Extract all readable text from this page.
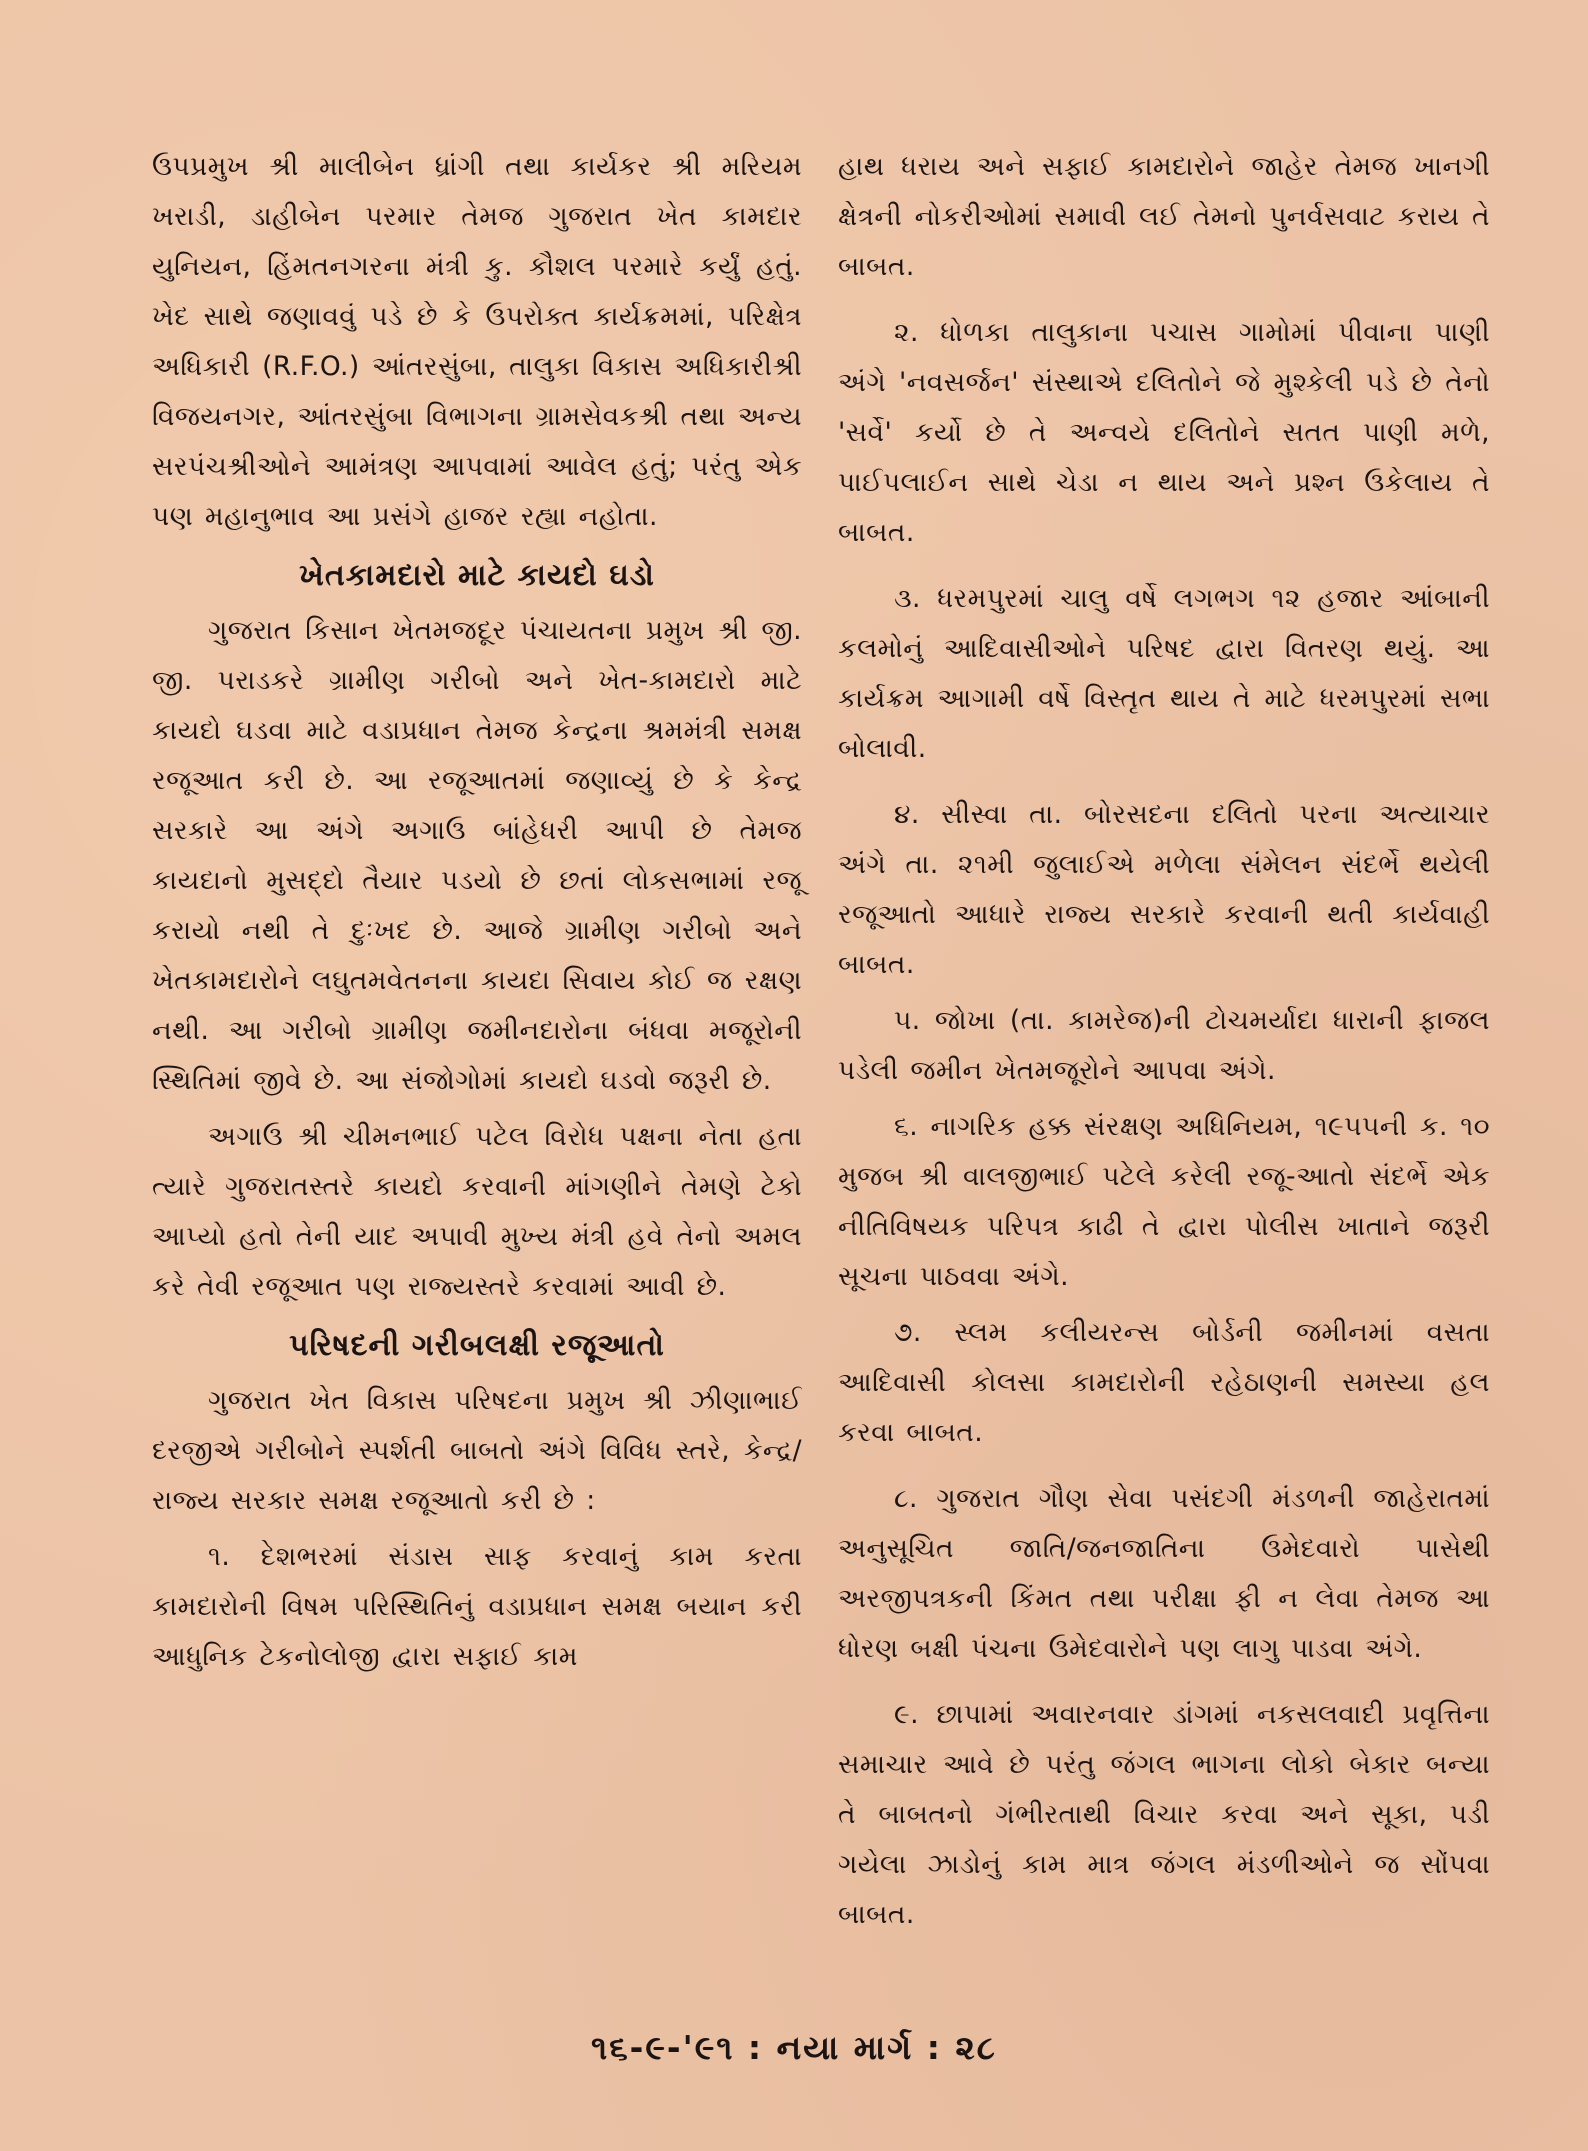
ઉપપ્રમુખ શ્રી માલીબેન ધ્રાંગી તથા કાર્યકર શ્રી મરિયમ ખરાડી, ડાહીબેન પરમાર તેમજ ગુજરાત ખેત કામદાર યુનિયન, હિંમતનગરના મંત્રી કુ. કૌશલ પરમારે કર્યું હતું. ખેદ સાથે જણાવવું પડે છે કે ઉપરોક્ત કાર્યક્રમમાં, પરિક્ષેત્ર અધિકારી (R.F.O.) આંતરસુંબા, તાલુકા વિકાસ અધિકારીશ્રી વિજયનગર, આંતરસુંબા વિભાગના ગ્રામસેવકશ્રી તથા અન્ય સરપંચશ્રીઓને આમંત્રણ આપવામાં આવેલ હતું; પરંતુ એક પણ મહાનુભાવ આ પ્રસંગે હાજર રહ્યા નહોતા.

ખેતકામદારો માટે કાયદો ઘડો

ગુજરાત કિસાન ખેતમજદૂર પંચાયતના પ્રમુખ શ્રી જી. જી. પરાડકરે ગ્રામીણ ગરીબો અને ખેત-કામદારો માટે કાયદો ઘડવા માટે વડાપ્રધાન તેમજ કેન્દ્રના શ્રમમંત્રી સમક્ષ રજૂઆત કરી છે. આ રજૂઆતમાં જણાવ્યું છે કે કેન્દ્ર સરકારે આ અંગે અગાઉ બાંહેધરી આપી છે તેમજ કાયદાનો મુસદ્દો તૈયાર પડયો છે છતાં લોકસભામાં રજૂ કરાયો નથી તે દુઃખદ છે. આજે ગ્રામીણ ગરીબો અને ખેતકામદારોને લઘુતમવેતનના કાયદા સિવાય કોઈ જ રક્ષણ નથી. આ ગરીબો ગ્રામીણ જમીનદારોના બંધવા મજૂરોની સ્થિતિમાં જીવે છે. આ સંજોગોમાં કાયદો ઘડવો જરૂરી છે.

અગાઉ શ્રી ચીમનભાઈ પટેલ વિરોધ પક્ષના નેતા હતા ત્યારે ગુજરાતસ્તરે કાયદો કરવાની માંગણીને તેમણે ટેકો આપ્યો હતો તેની યાદ અપાવી મુખ્ય મંત્રી હવે તેનો અમલ કરે તેવી રજૂઆત પણ રાજ્યસ્તરે કરવામાં આવી છે.

પરિષદની ગરીબલક્ષી રજૂઆતો

ગુજરાત ખેત વિકાસ પરિષદના પ્રમુખ શ્રી ઝીણાભાઈ દરજીએ ગરીબોને સ્પર્શતી બાબતો અંગે વિવિધ સ્તરે, કેન્દ્ર/રાજ્ય સરકાર સમક્ષ રજૂઆતો કરી છે :

૧. દેશભરમાં સંડાસ સાફ કરવાનું કામ કરતા કામદારોની વિષમ પરિસ્થિતિનું વડાપ્રધાન સમક્ષ બયાન કરી આધુનિક ટેકનોલોજી દ્વારા સફાઈ કામ

હાથ ધરાય અને સફાઈ કામદારોને જાહેર તેમજ ખાનગી ક્ષેત્રની નોકરીઓમાં સમાવી લઈ તેમનો પુનર્વસવાટ કરાય તે બાબત.

૨. ધોળકા તાલુકાના પચાસ ગામોમાં પીવાના પાણી અંગે 'નવસર્જન' સંસ્થાએ દલિતોને જે મુશ્કેલી પડે છે તેનો 'સર્વે' કર્યો છે તે અન્વયે દલિતોને સતત પાણી મળે, પાઈપલાઈન સાથે ચેડા ન થાય અને પ્રશ્ન ઉકેલાય તે બાબત.

૩. ધરમપુરમાં ચાલુ વર્ષે લગભગ ૧૨ હજાર આંબાની કલમોનું આદિવાસીઓને પરિષદ દ્વારા વિતરણ થયું. આ કાર્યક્રમ આગામી વર્ષે વિસ્તૃત થાય તે માટે ધરમપુરમાં સભા બોલાવી.

૪. સીસ્વા તા. બોરસદના દલિતો પરના અત્યાચાર અંગે તા. ૨૧મી જુલાઈએ મળેલા સંમેલન સંદર્ભે થયેલી રજૂઆતો આધારે રાજ્ય સરકારે કરવાની થતી કાર્યવાહી બાબત.

૫. જોખા (તા. કામરેજ)ની ટોચમર્યાદા ધારાની ફાજલ પડેલી જમીન ખેતમજૂરોને આપવા અંગે.

૬. નાગરિક હક્ક સંરક્ષણ અધિનિયમ, ૧૯૫૫ની ક. ૧૦ મુજબ શ્રી વાલજીભાઈ પટેલે કરેલી રજૂ-આતો સંદર્ભે એક નીતિવિષયક પરિપત્ર કાઢી તે દ્વારા પોલીસ ખાતાને જરૂરી સૂચના પાઠવવા અંગે.

૭. સ્લમ કલીયરન્સ બોર્ડની જમીનમાં વસતા આદિવાસી કોલસા કામદારોની રહેઠાણની સમસ્યા હલ કરવા બાબત.

૮. ગુજરાત ગૌણ સેવા પસંદગી મંડળની જાહેરાતમાં અનુસૂચિત જાતિ/જનજાતિના ઉમેદવારો પાસેથી અરજીપત્રકની કિંમત તથા પરીક્ષા ફી ન લેવા તેમજ આ ધોરણ બક્ષી પંચના ઉમેદવારોને પણ લાગુ પાડવા અંગે.

૯. છાપામાં અવારનવાર ડાંગમાં નકસલવાદી પ્રવૃત્તિના સમાચાર આવે છે પરંતુ જંગલ ભાગના લોકો બેકાર બન્યા તે બાબતનો ગંભીરતાથી વિચાર કરવા અને સૂકા, પડી ગયેલા ઝાડોનું કામ માત્ર જંગલ મંડળીઓને જ સોંપવા બાબત.

૧૬-૯-'૯૧ : નયા માર્ગ : ૨૮
